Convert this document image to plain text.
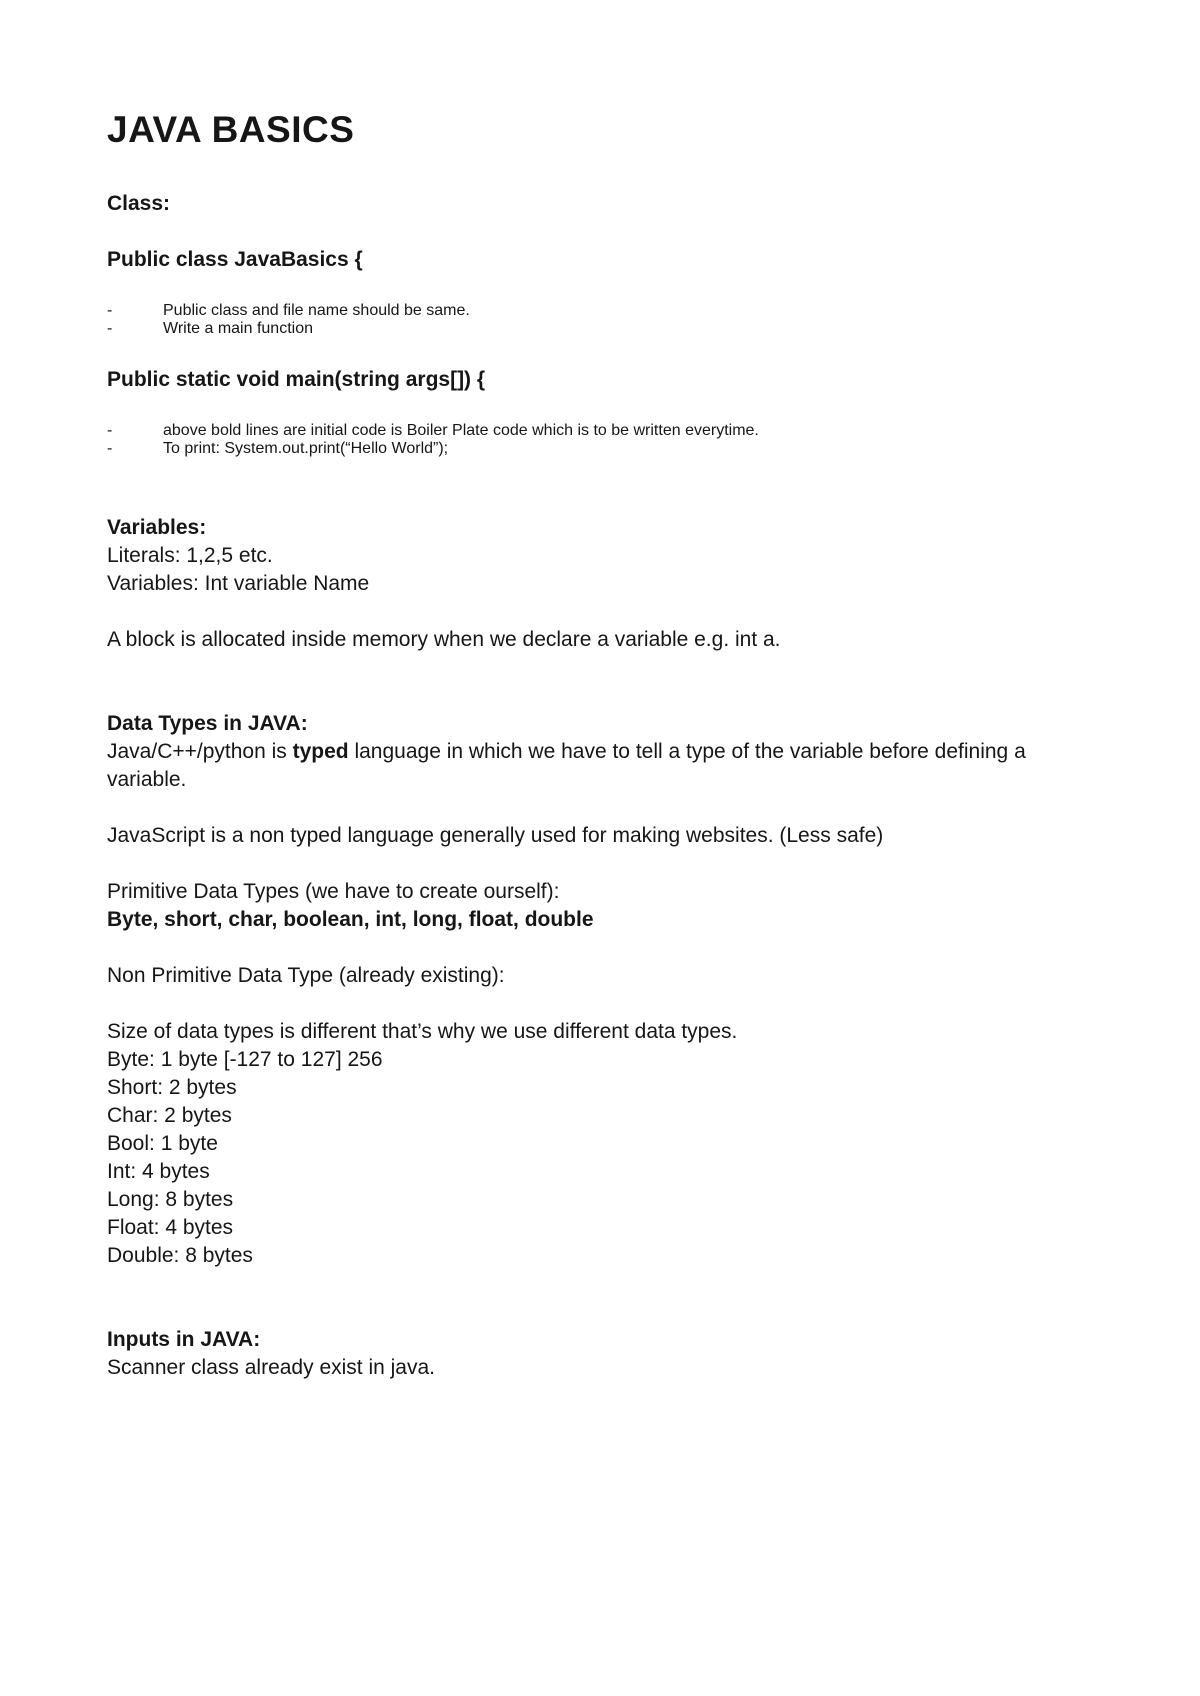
JAVA BASICS

Class:

Public class JavaBasics {

-	Public class and file name should be same.
-	Write a main function

Public static void main(string args[]) {

-	above bold lines are initial code is Boiler Plate code which is to be written everytime.
-	To print: System.out.print(“Hello World”);

Variables:

Literals: 1,2,5 etc.

Variables: Int variable Name

A block is allocated inside memory when we declare a variable e.g. int a.

Data Types in JAVA:

Java/C++/python is typed language in which we have to tell a type of the variable before defining a variable.

JavaScript is a non typed language generally used for making websites. (Less safe)

Primitive Data Types (we have to create ourself):

Byte, short, char, boolean, int, long, float, double

Non Primitive Data Type (already existing):

Size of data types is different that’s why we use different data types.

Byte: 1 byte [-127 to 127] 256

Short: 2 bytes

Char: 2 bytes

Bool: 1 byte

Int: 4 bytes

Long: 8 bytes

Float: 4 bytes

Double: 8 bytes

Inputs in JAVA:

Scanner class already exist in java.
